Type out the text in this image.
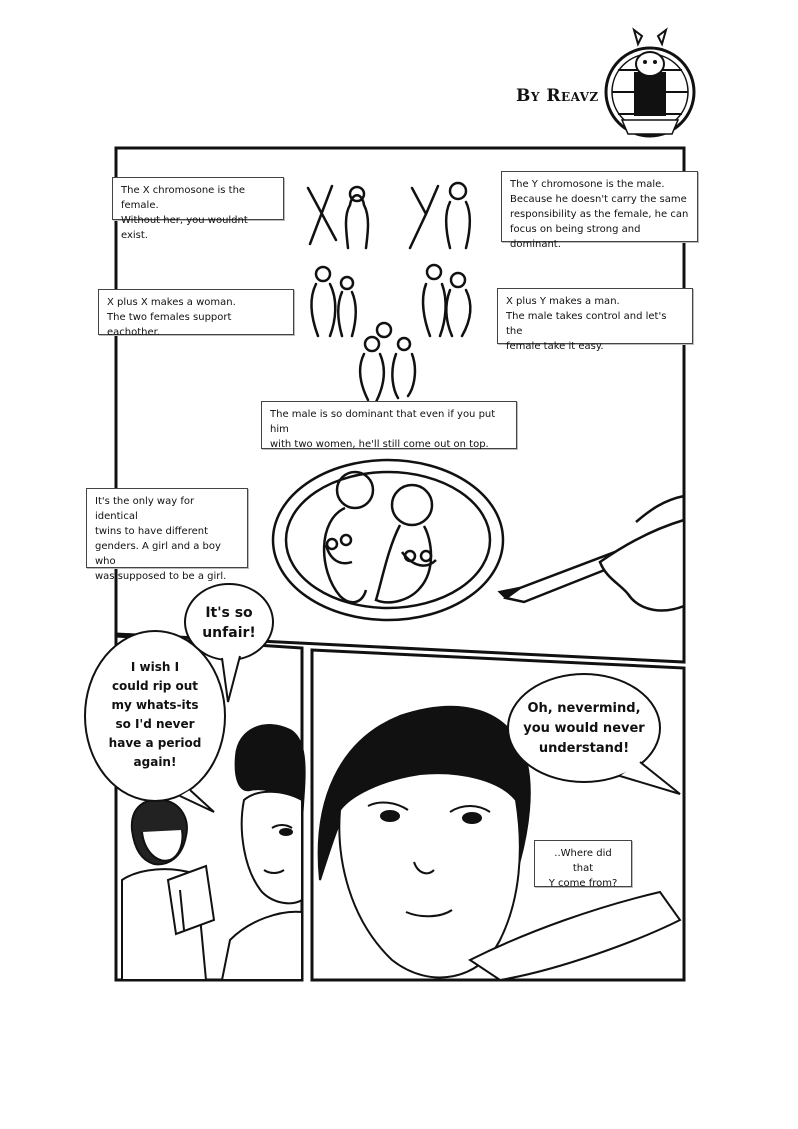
By Reavz
The X chromosone is the female.
Without her, you wouldnt exist.
The Y chromosone is the male.
Because he doesn't carry the same
responsibility as the female, he can
focus on being strong and dominant.
X plus X makes a woman.
The two females support eachother.
X plus Y makes a man.
The male takes control and let's the
female take it easy.
The male is so dominant that even if you put him
with two women, he'll still come out on top.
It's the only way for identical
twins to have different
genders. A girl and a boy who
was supposed to be a girl.
..Where did that
Y come from?
It's so
unfair!
I wish I
could rip out
my whats-its
so I'd never
have a period
again!
Oh, nevermind,
you would never
understand!
